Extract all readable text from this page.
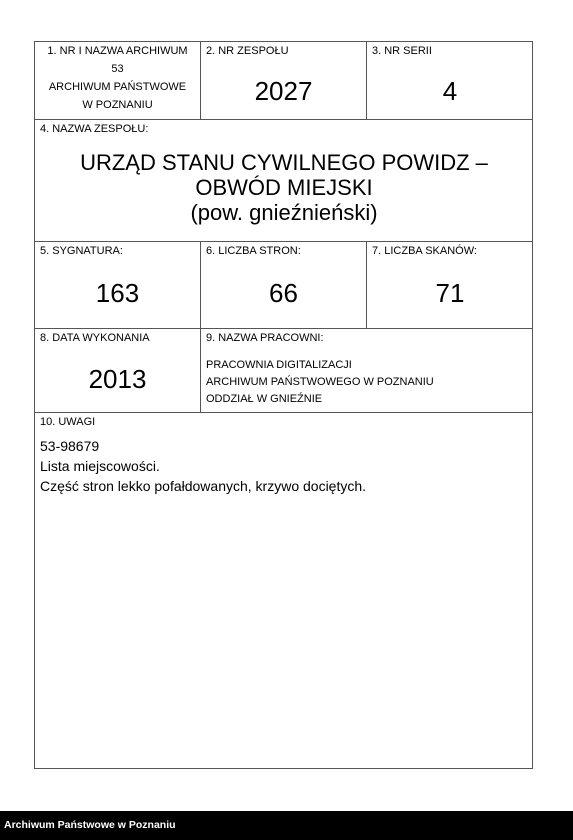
1. NR I NAZWA ARCHIWUM
53
ARCHIWUM PAŃSTWOWE
W POZNANIU
2. NR ZESPOŁU
2027
3. NR SERII
4
4. NAZWA ZESPOŁU:
URZĄD STANU CYWILNEGO POWIDZ –
OBWÓD MIEJSKI
(pow. gnieźnieński)
5. SYGNATURA:
163
6. LICZBA STRON:
66
7. LICZBA SKANÓW:
71
8. DATA WYKONANIA
2013
9. NAZWA PRACOWNI:
PRACOWNIA DIGITALIZACJI
ARCHIWUM PAŃSTWOWEGO W POZNANIU
ODDZIAŁ W GNIEŹNIE
10. UWAGI
53-98679
Lista miejscowości.
Część stron lekko pofałdowanych, krzywo dociętych.
Archiwum Państwowe w Poznaniu
